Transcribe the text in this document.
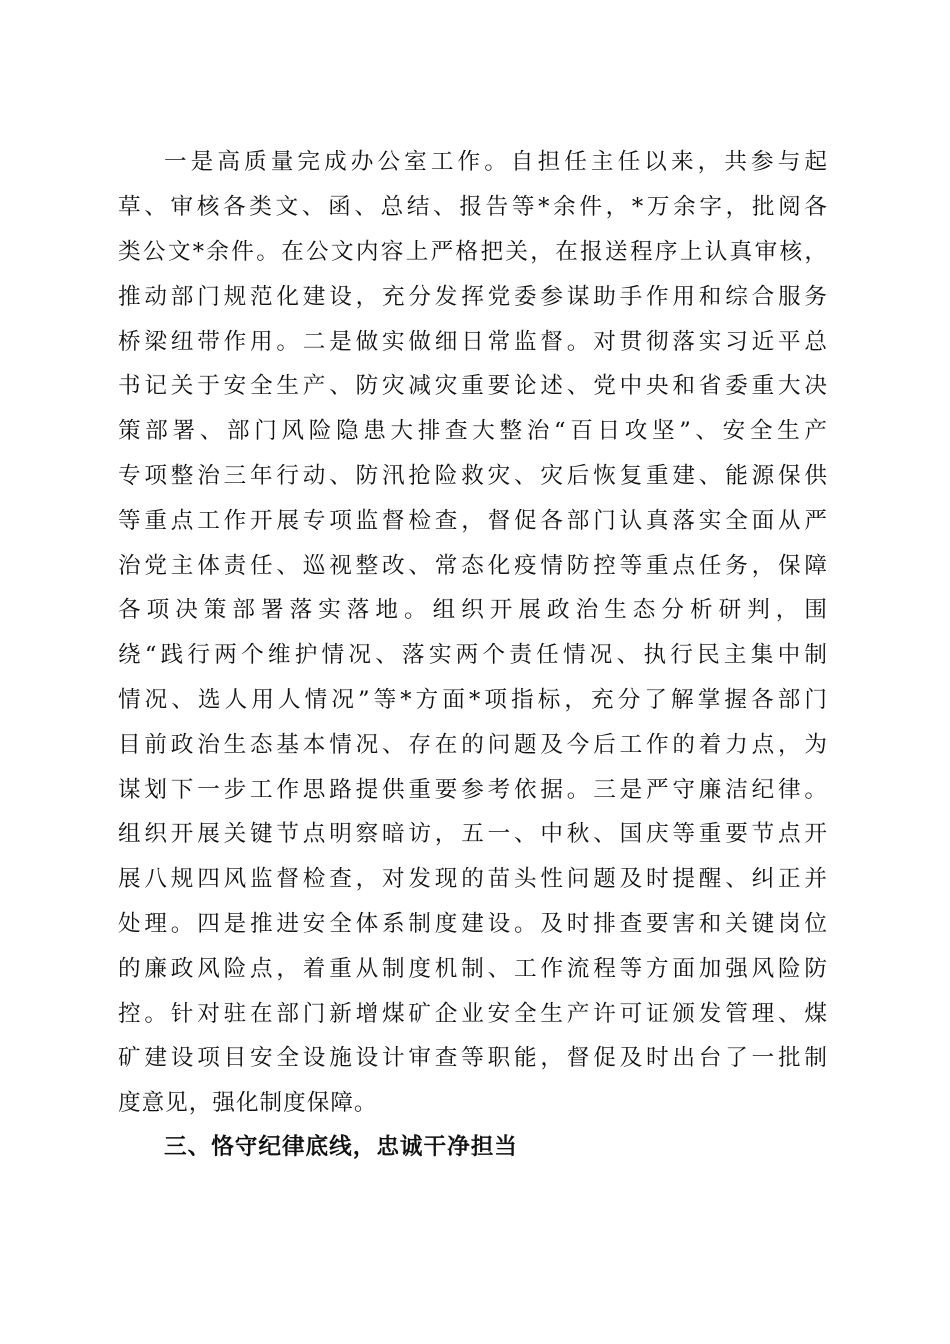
一是高质量完成办公室工作。自担任主任以来，共参与起
草、审核各类文、函、总结、报告等*余件，*万余字，批阅各
类公文*余件。在公文内容上严格把关，在报送程序上认真审核，
推动部门规范化建设，充分发挥党委参谋助手作用和综合服务
桥梁纽带作用。二是做实做细日常监督。对贯彻落实习近平总
书记关于安全生产、防灾减灾重要论述、党中央和省委重大决
策部署、部门风险隐患大排查大整治“百日攻坚”、安全生产
专项整治三年行动、防汛抢险救灾、灾后恢复重建、能源保供
等重点工作开展专项监督检查，督促各部门认真落实全面从严
治党主体责任、巡视整改、常态化疫情防控等重点任务，保障
各项决策部署落实落地。组织开展政治生态分析研判，围
绕“践行两个维护情况、落实两个责任情况、执行民主集中制
情况、选人用人情况”等*方面*项指标，充分了解掌握各部门
目前政治生态基本情况、存在的问题及今后工作的着力点，为
谋划下一步工作思路提供重要参考依据。三是严守廉洁纪律。
组织开展关键节点明察暗访，五一、中秋、国庆等重要节点开
展八规四风监督检查，对发现的苗头性问题及时提醒、纠正并
处理。四是推进安全体系制度建设。及时排查要害和关键岗位
的廉政风险点，着重从制度机制、工作流程等方面加强风险防
控。针对驻在部门新增煤矿企业安全生产许可证颁发管理、煤
矿建设项目安全设施设计审查等职能，督促及时出台了一批制
度意见，强化制度保障。
三、恪守纪律底线，忠诚干净担当
